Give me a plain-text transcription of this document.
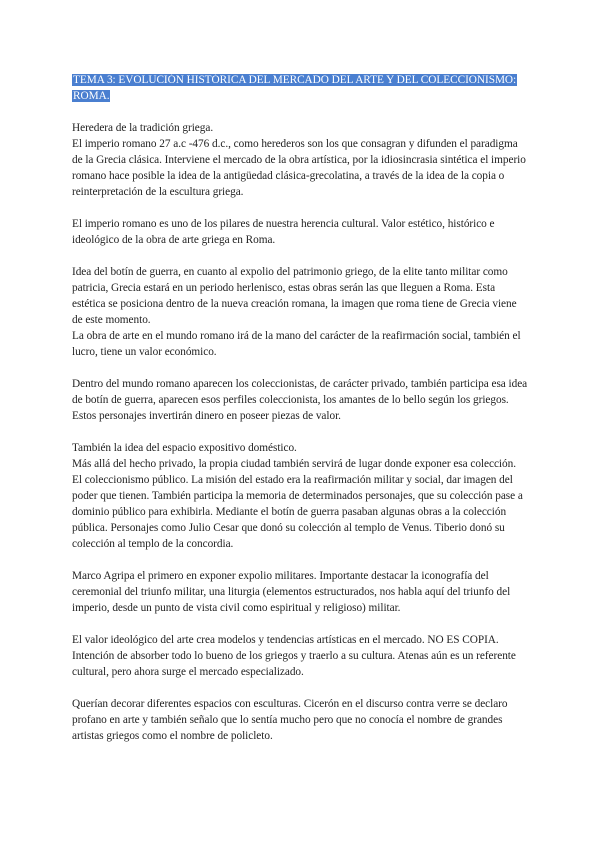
TEMA 3: EVOLUCIÓN HISTÓRICA DEL MERCADO DEL ARTE Y DEL COLECCIONISMO: ROMA.

Heredera de la tradición griega.

El imperio romano 27 a.c -476 d.c., como herederos son los que consagran y difunden el paradigma de la Grecia clásica. Interviene el mercado de la obra artística, por la idiosincrasia sintética el imperio romano hace posible la idea de la antigüedad clásica-grecolatina, a través de la idea de la copia o reinterpretación de la escultura griega.

El imperio romano es uno de los pilares de nuestra herencia cultural. Valor estético, histórico e ideológico de la obra de arte griega en Roma.

Idea del botín de guerra, en cuanto al expolio del patrimonio griego, de la elite tanto militar como patricia, Grecia estará en un periodo herlenisco, estas obras serán las que lleguen a Roma. Esta estética se posiciona dentro de la nueva creación romana, la imagen que roma tiene de Grecia viene de este momento.

La obra de arte en el mundo romano irá de la mano del carácter de la reafirmación social, también el lucro, tiene un valor económico.

Dentro del mundo romano aparecen los coleccionistas, de carácter privado, también participa esa idea de botín de guerra, aparecen esos perfiles coleccionista, los amantes de lo bello según los griegos. Estos personajes invertirán dinero en poseer piezas de valor.

También la idea del espacio expositivo doméstico.

Más allá del hecho privado, la propia ciudad también servirá de lugar donde exponer esa colección. El coleccionismo público. La misión del estado era la reafirmación militar y social, dar imagen del poder que tienen. También participa la memoria de determinados personajes, que su colección pase a dominio público para exhibirla. Mediante el botín de guerra pasaban algunas obras a la colección pública. Personajes como Julio Cesar que donó su colección al templo de Venus. Tiberio donó su colección al templo de la concordia.

Marco Agripa el primero en exponer expolio militares. Importante destacar la iconografía del ceremonial del triunfo militar, una liturgia (elementos estructurados, nos habla aquí del triunfo del imperio, desde un punto de vista civil como espiritual y religioso) militar.

El valor ideológico del arte crea modelos y tendencias artísticas en el mercado. NO ES COPIA.

Intención de absorber todo lo bueno de los griegos y traerlo a su cultura. Atenas aún es un referente cultural, pero ahora surge el mercado especializado.

Querían decorar diferentes espacios con esculturas. Cicerón en el discurso contra verre se declaro profano en arte y también señalo que lo sentía mucho pero que no conocía el nombre de grandes artistas griegos como el nombre de policleto.
